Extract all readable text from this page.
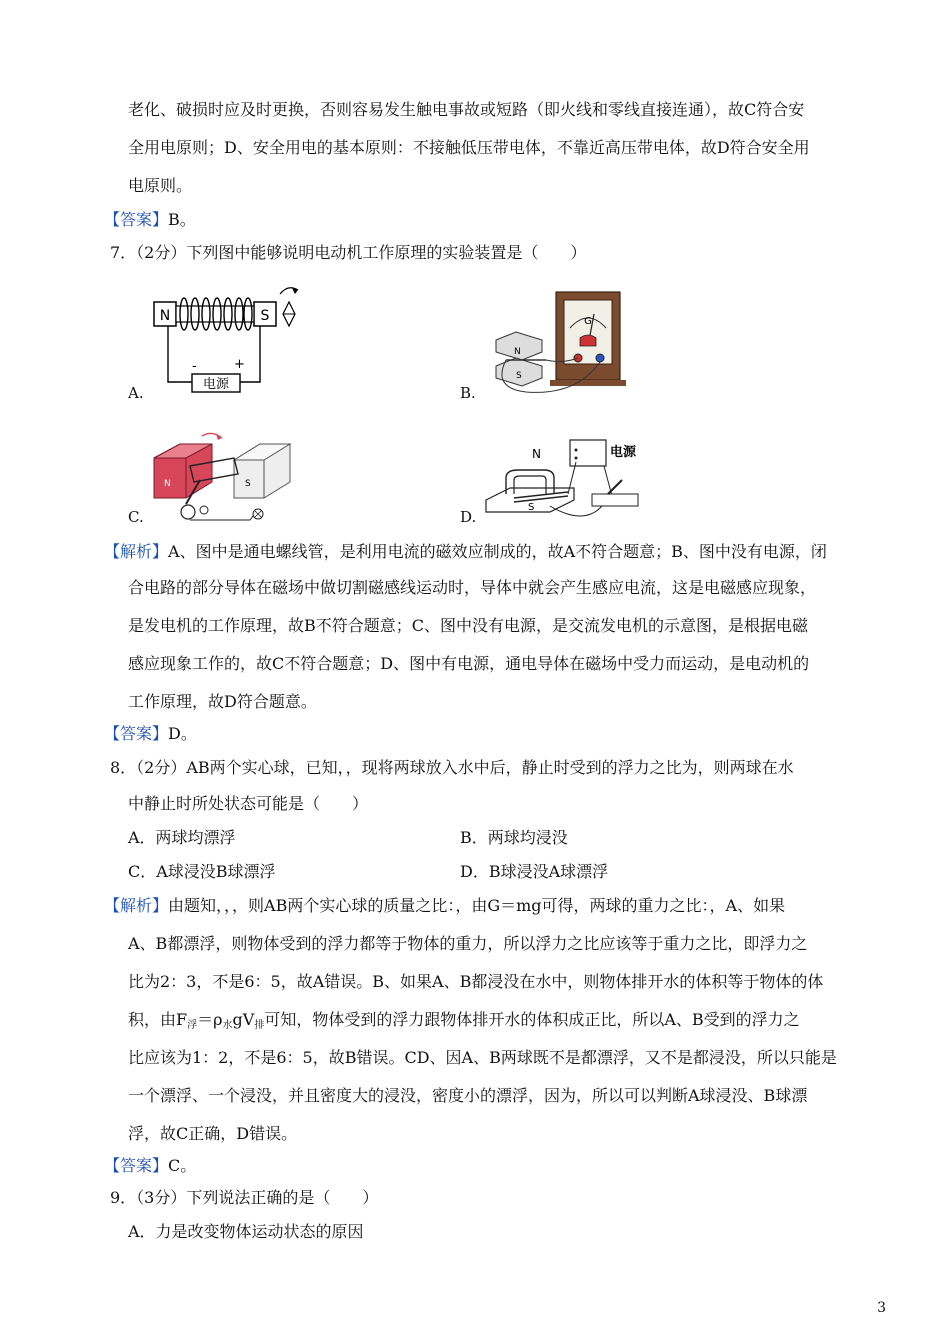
老化、破损时应及时更换，否则容易发生触电事故或短路（即火线和零线直接连通），故C符合安
全用电原则；D、安全用电的基本原则：不接触低压带电体，不靠近高压带电体，故D符合安全用
电原则。
【答案】B。
7．（2分）下列图中能够说明电动机工作原理的实验装置是（　　）
A.	B.
C.	D.
N	S
电源
-	+
G
N
S
N	S
N	电源
S
【解析】A、图中是通电螺线管，是利用电流的磁效应制成的，故A不符合题意；B、图中没有电源，闭
合电路的部分导体在磁场中做切割磁感线运动时，导体中就会产生感应电流，这是电磁感应现象，
是发电机的工作原理，故B不符合题意；C、图中没有电源，是交流发电机的示意图，是根据电磁
感应现象工作的，故C不符合题意；D、图中有电源，通电导体在磁场中受力而运动，是电动机的
工作原理，故D符合题意。
【答案】D。
8．（2分）AB两个实心球，已知，，现将两球放入水中后，静止时受到的浮力之比为，则两球在水
中静止时所处状态可能是（　　）
A．两球均漂浮	B．两球均浸没
C．A球浸没B球漂浮	D．B球浸没A球漂浮
【解析】由题知，，，则AB两个实心球的质量之比：，由G＝mg可得，两球的重力之比：，A、如果
A、B都漂浮，则物体受到的浮力都等于物体的重力，所以浮力之比应该等于重力之比，即浮力之
比为2：3，不是6：5，故A错误。B、如果A、B都浸没在水中，则物体排开水的体积等于物体的体
积，由$F_浮=\rho_水gV_排$可知，物体受到的浮力跟物体排开水的体积成正比，所以A、B受到的浮力之
比应该为1：2，不是6：5，故B错误。CD、因A、B两球既不是都漂浮，又不是都浸没，所以只能是
一个漂浮、一个浸没，并且密度大的浸没，密度小的漂浮，因为，所以可以判断A球浸没、B球漂
浮，故C正确，D错误。
【答案】C。
9．（3分）下列说法正确的是（　　）
A．力是改变物体运动状态的原因
3
